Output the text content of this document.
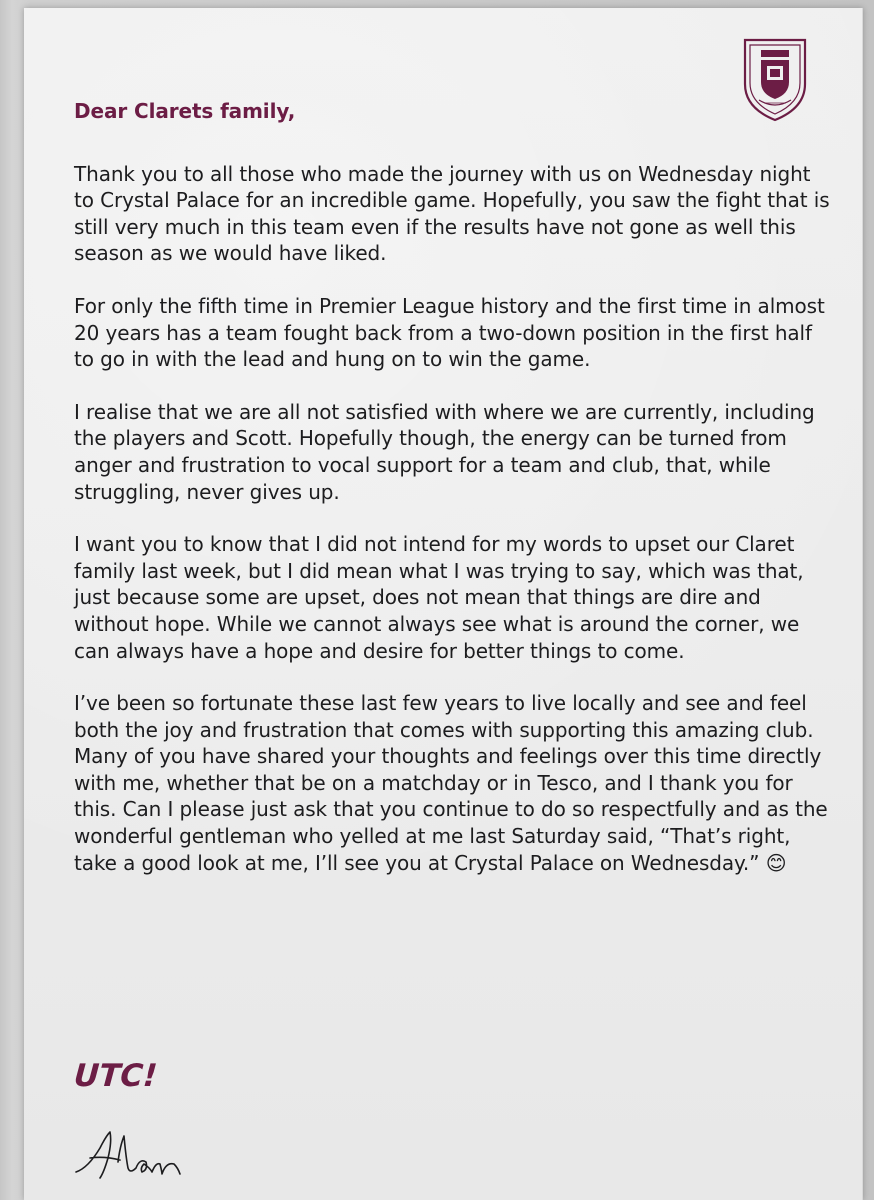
Dear Clarets family,

Thank you to all those who made the journey with us on Wednesday night to Crystal Palace for an incredible game. Hopefully, you saw the fight that is still very much in this team even if the results have not gone as well this season as we would have liked.

For only the fifth time in Premier League history and the first time in almost 20 years has a team fought back from a two-down position in the first half to go in with the lead and hung on to win the game.

I realise that we are all not satisfied with where we are currently, including the players and Scott. Hopefully though, the energy can be turned from anger and frustration to vocal support for a team and club, that, while struggling, never gives up.

I want you to know that I did not intend for my words to upset our Claret family last week, but I did mean what I was trying to say, which was that, just because some are upset, does not mean that things are dire and without hope. While we cannot always see what is around the corner, we can always have a hope and desire for better things to come.

I’ve been so fortunate these last few years to live locally and see and feel both the joy and frustration that comes with supporting this amazing club. Many of you have shared your thoughts and feelings over this time directly with me, whether that be on a matchday or in Tesco, and I thank you for this. Can I please just ask that you continue to do so respectfully and as the wonderful gentleman who yelled at me last Saturday said, “That’s right, take a good look at me, I’ll see you at Crystal Palace on Wednesday.” 😊

UTC!
